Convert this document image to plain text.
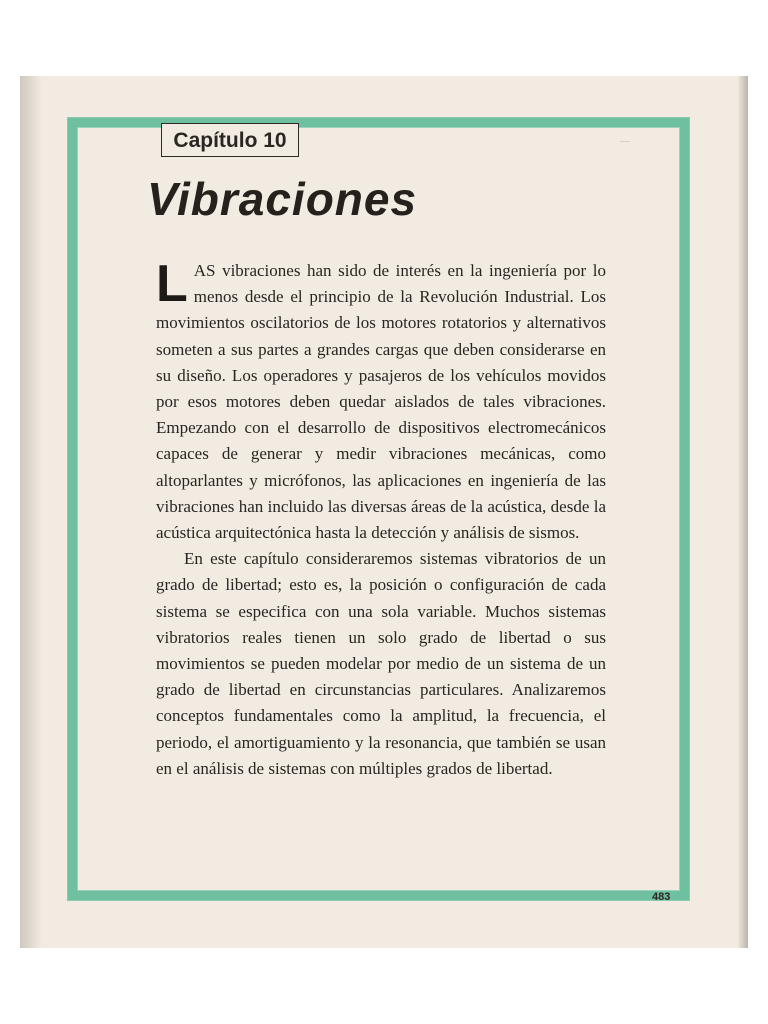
—
Capítulo 10
Vibraciones

LAS vibraciones han sido de interés en la ingeniería por lo menos desde el principio de la Revolución Industrial. Los movimientos oscilatorios de los motores rotatorios y alternativos someten a sus partes a grandes cargas que deben considerarse en su diseño. Los operadores y pasajeros de los vehículos movidos por esos motores deben quedar aislados de tales vibraciones. Empezando con el desarrollo de dispositivos electromecánicos capaces de generar y medir vibraciones mecánicas, como altoparlantes y micrófonos, las aplicaciones en ingeniería de las vibraciones han incluido las diversas áreas de la acústica, desde la acústica arquitectónica hasta la detección y análisis de sismos.

En este capítulo consideraremos sistemas vibratorios de un grado de libertad; esto es, la posición o configuración de cada sistema se especifica con una sola variable. Muchos sistemas vibratorios reales tienen un solo grado de libertad o sus movimientos se pueden modelar por medio de un sistema de un grado de libertad en circunstancias particulares. Analizaremos conceptos fundamentales como la amplitud, la frecuencia, el periodo, el amortiguamiento y la resonancia, que también se usan en el análisis de sistemas con múltiples grados de libertad.

483
